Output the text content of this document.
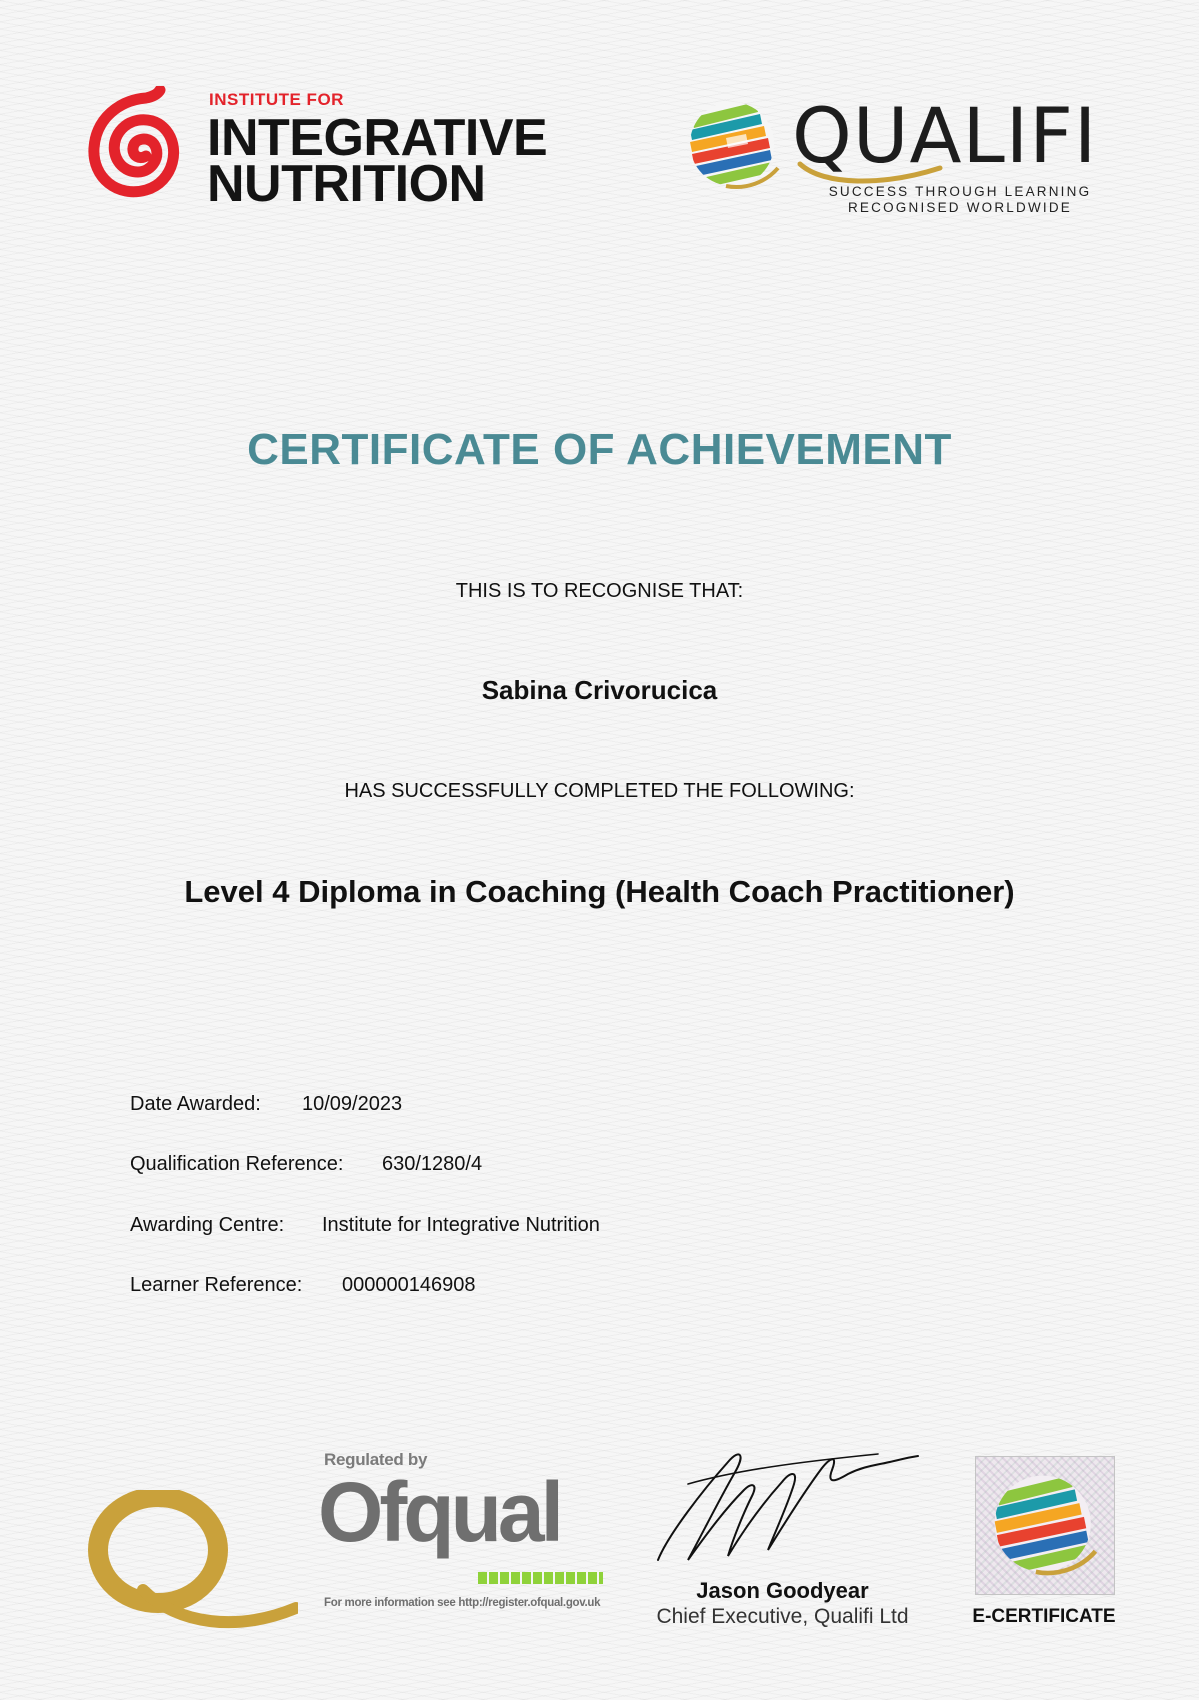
INSTITUTE FOR
INTEGRATIVE
NUTRITION
QUALIFI
SUCCESS THROUGH LEARNING
RECOGNISED WORLDWIDE
CERTIFICATE OF ACHIEVEMENT
THIS IS TO RECOGNISE THAT:
Sabina Crivorucica
HAS SUCCESSFULLY COMPLETED THE FOLLOWING:
Level 4 Diploma in Coaching (Health Coach Practitioner)
Date Awarded: 10/09/2023
Qualification Reference: 630/1280/4
Awarding Centre: Institute for Integrative Nutrition
Learner Reference: 000000146908
Regulated by
Ofqual
For more information see http://register.ofqual.gov.uk	Jason Goodyear
Chief Executive, Qualifi Ltd	E-CERTIFICATE
